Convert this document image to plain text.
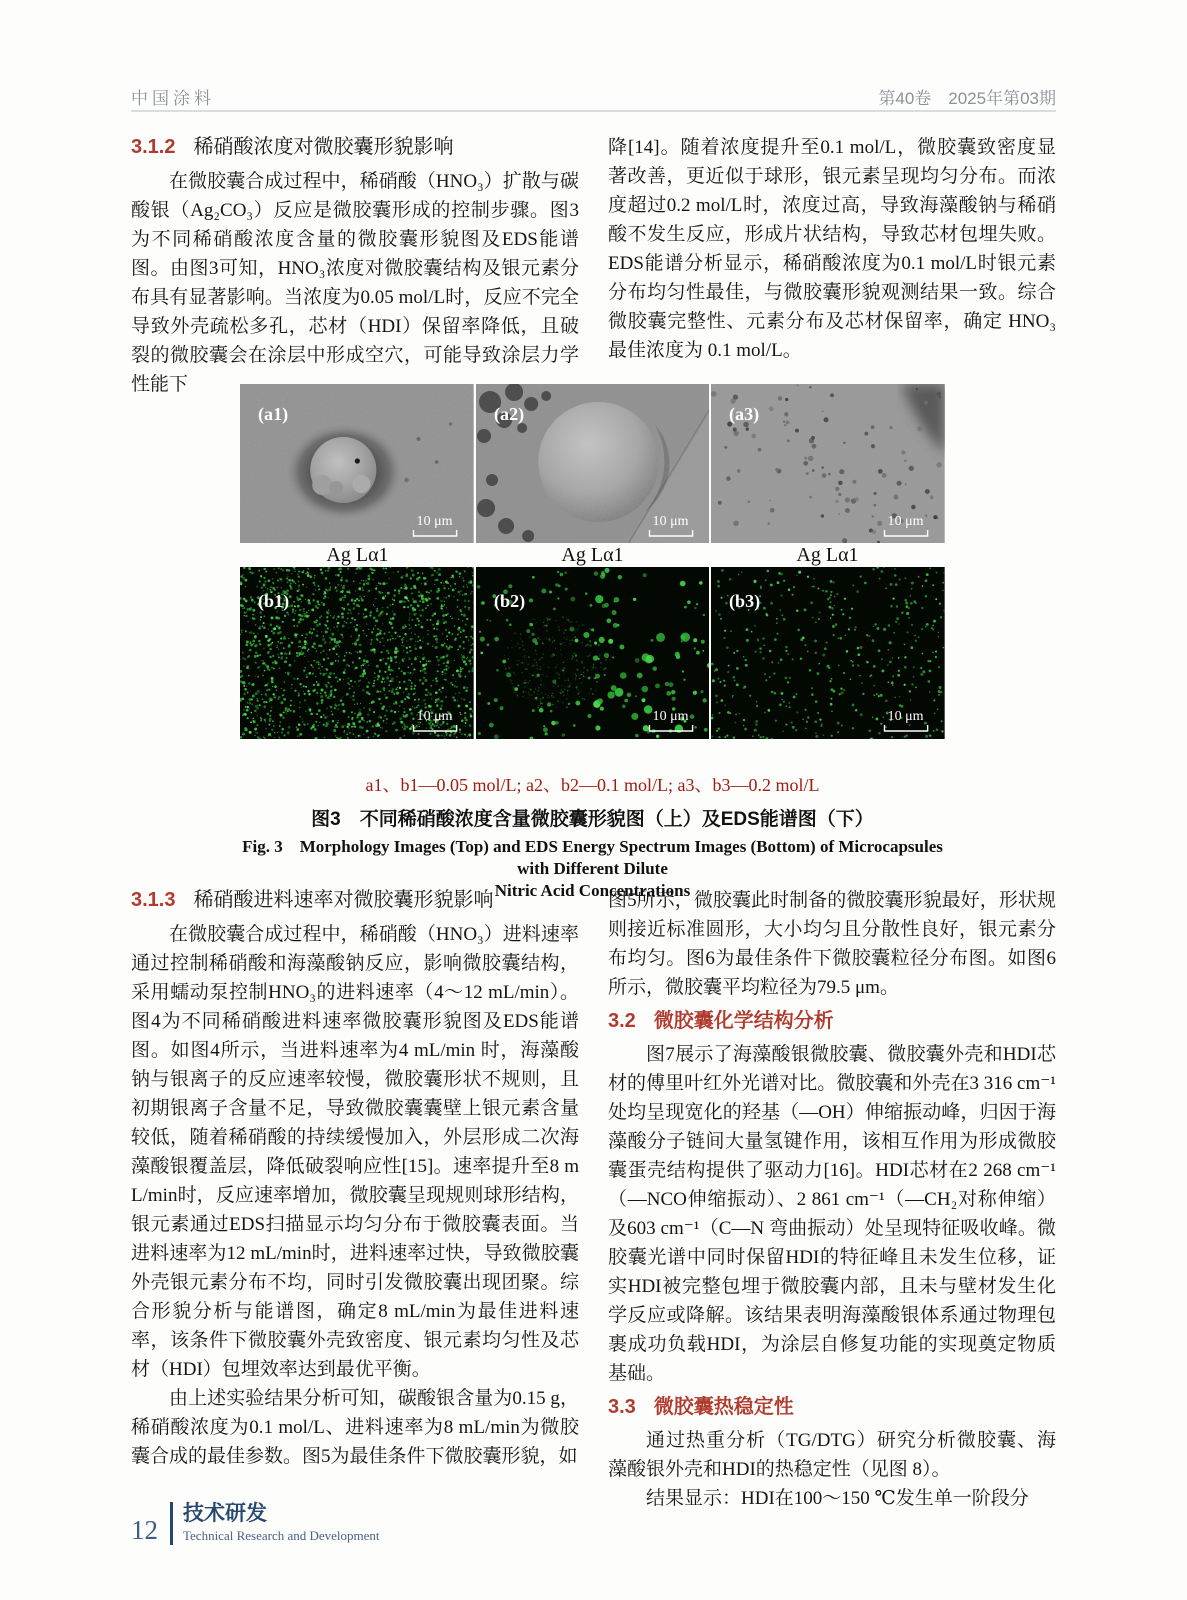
中国涂料	第40卷　2025年第03期
3.1.2 稀硝酸浓度对微胶囊形貌影响

在微胶囊合成过程中，稀硝酸（HNO₃）扩散与碳酸银（Ag₂CO₃）反应是微胶囊形成的控制步骤。图3为不同稀硝酸浓度含量的微胶囊形貌图及EDS能谱图。由图3可知，HNO₃浓度对微胶囊结构及银元素分布具有显著影响。当浓度为0.05 mol/L时，反应不完全导致外壳疏松多孔，芯材（HDI）保留率降低，且破裂的微胶囊会在涂层中形成空穴，可能导致涂层力学性能下

降[14]。随着浓度提升至0.1 mol/L，微胶囊致密度显著改善，更近似于球形，银元素呈现均匀分布。而浓度超过0.2 mol/L时，浓度过高，导致海藻酸钠与稀硝酸不发生反应，形成片状结构，导致芯材包埋失败。EDS能谱分析显示，稀硝酸浓度为0.1 mol/L时银元素分布均匀性最佳，与微胶囊形貌观测结果一致。综合微胶囊完整性、元素分布及芯材保留率，确定 HNO₃最佳浓度为 0.1 mol/L。

(a1)
10 μm
(a2)
10 μm
(a3)
10 μm
Ag Lα1	Ag Lα1	Ag Lα1
(b1)
10 μm
(b2)
10 μm
(b3)
10 μm
a1、b1—0.05 mol/L; a2、b2—0.1 mol/L; a3、b3—0.2 mol/L
图3　不同稀硝酸浓度含量微胶囊形貌图（上）及EDS能谱图（下）
Fig. 3　Morphology Images (Top) and EDS Energy Spectrum Images (Bottom) of Microcapsules with Different Dilute
Nitric Acid Concentrations
3.1.3 稀硝酸进料速率对微胶囊形貌影响

在微胶囊合成过程中，稀硝酸（HNO₃）进料速率通过控制稀硝酸和海藻酸钠反应，影响微胶囊结构，采用蠕动泵控制HNO₃的进料速率（4～12 mL/min）。图4为不同稀硝酸进料速率微胶囊形貌图及EDS能谱图。如图4所示，当进料速率为4 mL/min 时，海藻酸钠与银离子的反应速率较慢，微胶囊形状不规则，且初期银离子含量不足，导致微胶囊囊壁上银元素含量较低，随着稀硝酸的持续缓慢加入，外层形成二次海藻酸银覆盖层，降低破裂响应性[15]。速率提升至8 mL/min时，反应速率增加，微胶囊呈现规则球形结构，银元素通过EDS扫描显示均匀分布于微胶囊表面。当进料速率为12 mL/min时，进料速率过快，导致微胶囊外壳银元素分布不均，同时引发微胶囊出现团聚。综合形貌分析与能谱图，确定8 mL/min为最佳进料速率，该条件下微胶囊外壳致密度、银元素均匀性及芯材（HDI）包埋效率达到最优平衡。

由上述实验结果分析可知，碳酸银含量为0.15 g，稀硝酸浓度为0.1 mol/L、进料速率为8 mL/min为微胶囊合成的最佳参数。图5为最佳条件下微胶囊形貌，如

图5所示，微胶囊此时制备的微胶囊形貌最好，形状规则接近标准圆形，大小均匀且分散性良好，银元素分布均匀。图6为最佳条件下微胶囊粒径分布图。如图6所示，微胶囊平均粒径为79.5 μm。

3.2 微胶囊化学结构分析

图7展示了海藻酸银微胶囊、微胶囊外壳和HDI芯材的傅里叶红外光谱对比。微胶囊和外壳在3 316 cm⁻¹处均呈现宽化的羟基（—OH）伸缩振动峰，归因于海藻酸分子链间大量氢键作用，该相互作用为形成微胶囊蛋壳结构提供了驱动力[16]。HDI芯材在2 268 cm⁻¹（—NCO伸缩振动）、2 861 cm⁻¹（—CH₂对称伸缩）及603 cm⁻¹（C—N 弯曲振动）处呈现特征吸收峰。微胶囊光谱中同时保留HDI的特征峰且未发生位移，证实HDI被完整包埋于微胶囊内部，且未与壁材发生化学反应或降解。该结果表明海藻酸银体系通过物理包裹成功负载HDI，为涂层自修复功能的实现奠定物质基础。

3.3 微胶囊热稳定性

通过热重分析（TG/DTG）研究分析微胶囊、海藻酸银外壳和HDI的热稳定性（见图 8）。

结果显示：HDI在100～150 ℃发生单一阶段分

12
技术研发
Technical Research and Development
